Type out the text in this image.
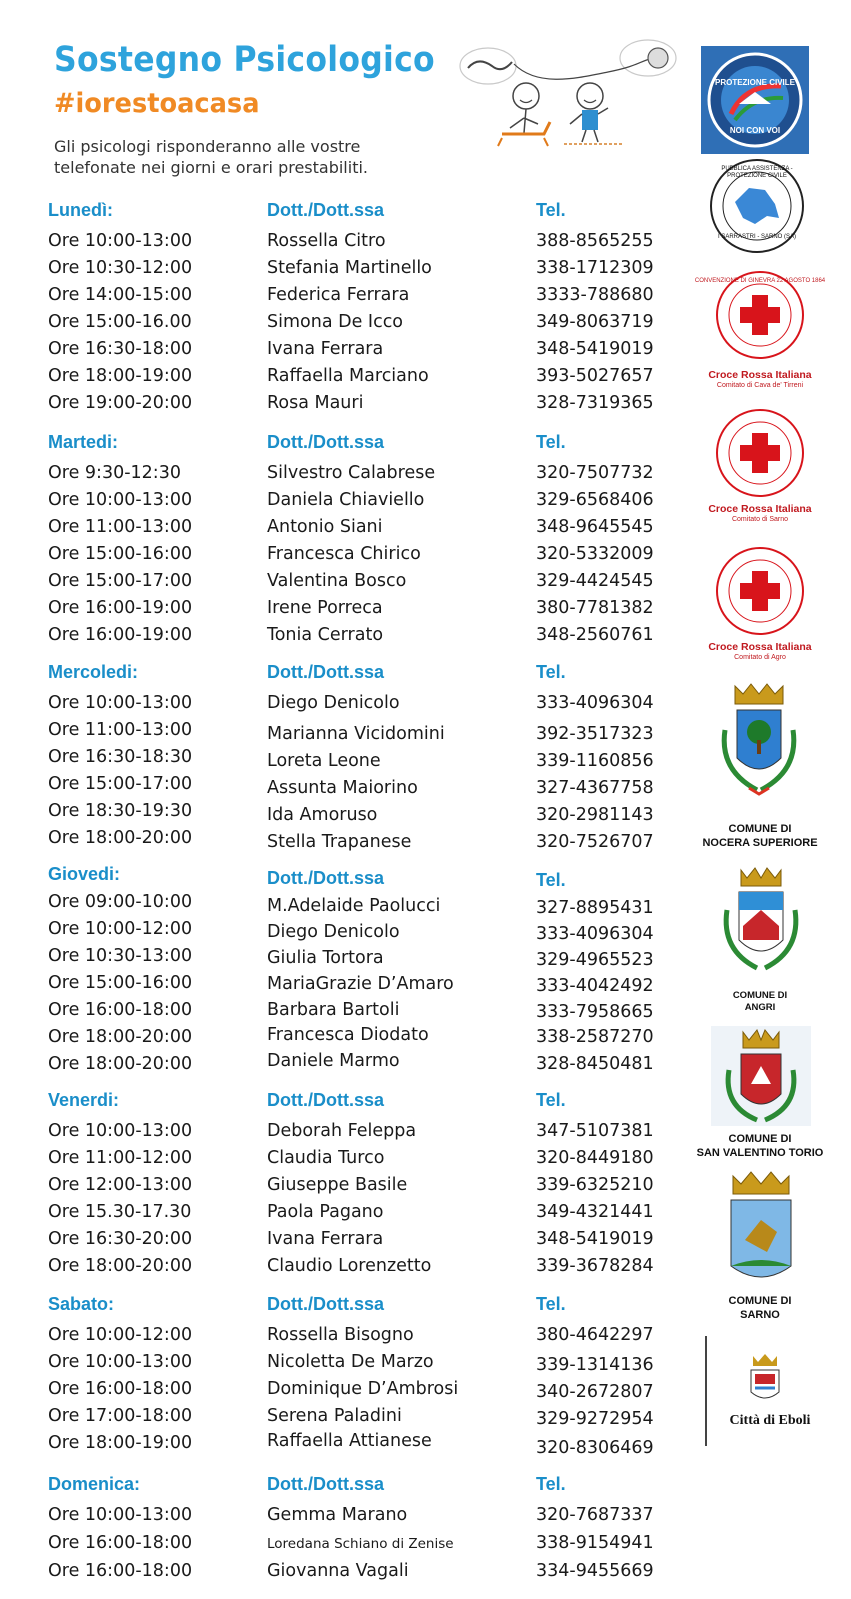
Sostegno Psicologico
#iorestoacasa
Gli psicologi risponderanno alle vostre
telefonate nei giorni e orari prestabiliti.
Lunedì:	Dott./Dott.ssa	Tel.
Ore 10:00-13:00	Rossella Citro	388-8565255
Ore 10:30-12:00	Stefania Martinello	338-1712309
Ore 14:00-15:00	Federica Ferrara	3333-788680
Ore 15:00-16.00	Simona De Icco	349-8063719
Ore 16:30-18:00	Ivana Ferrara	348-5419019
Ore 18:00-19:00	Raffaella Marciano	393-5027657
Ore 19:00-20:00	Rosa Mauri	328-7319365
Martedi:	Dott./Dott.ssa	Tel.
Ore 9:30-12:30	Silvestro Calabrese	320-7507732
Ore 10:00-13:00	Daniela Chiaviello	329-6568406
Ore 11:00-13:00	Antonio Siani	348-9645545
Ore 15:00-16:00	Francesca Chirico	320-5332009
Ore 15:00-17:00	Valentina Bosco	329-4424545
Ore 16:00-19:00	Irene Porreca	380-7781382
Ore 16:00-19:00	Tonia Cerrato	348-2560761
Mercoledi:	Dott./Dott.ssa	Tel.
Ore 10:00-13:00	Diego Denicolo	333-4096304
Ore 11:00-13:00	Marianna Vicidomini	392-3517323
Ore 16:30-18:30	Loreta Leone	339-1160856
Ore 15:00-17:00	Assunta Maiorino	327-4367758
Ore 18:30-19:30	Ida Amoruso	320-2981143
Ore 18:00-20:00	Stella Trapanese	320-7526707
Giovedi:	Dott./Dott.ssa	Tel.
Ore 09:00-10:00	M.Adelaide Paolucci	327-8895431
Ore 10:00-12:00	Diego Denicolo	333-4096304
Ore 10:30-13:00	Giulia Tortora	329-4965523
Ore 15:00-16:00	MariaGrazie D’Amaro	333-4042492
Ore 16:00-18:00	Barbara Bartoli	333-7958665
Ore 18:00-20:00	Francesca Diodato	338-2587270
Ore 18:00-20:00	Daniele Marmo	328-8450481
Venerdi:	Dott./Dott.ssa	Tel.
Ore 10:00-13:00	Deborah Feleppa	347-5107381
Ore 11:00-12:00	Claudia Turco	320-8449180
Ore 12:00-13:00	Giuseppe Basile	339-6325210
Ore 15.30-17.30	Paola Pagano	349-4321441
Ore 16:30-20:00	Ivana Ferrara	348-5419019
Ore 18:00-20:00	Claudio Lorenzetto	339-3678284
Sabato:	Dott./Dott.ssa	Tel.
Ore 10:00-12:00	Rossella Bisogno	380-4642297
Ore 10:00-13:00	Nicoletta De Marzo	339-1314136
Ore 16:00-18:00	Dominique D’Ambrosi	340-2672807
Ore 17:00-18:00	Serena Paladini	329-9272954
Ore 18:00-19:00	Raffaella Attianese	320-8306469
Domenica:	Dott./Dott.ssa	Tel.
Ore 10:00-13:00	Gemma Marano	320-7687337
Ore 16:00-18:00	Loredana Schiano di Zenise	338-9154941
Ore 16:00-18:00	Giovanna Vagali	334-9455669
PROTEZIONE CIVILE
NOI CON VOI
PUBBLICA ASSISTENZA - PROTEZIONE CIVILE
I SARRASTRI - SARNO (SA)
CONVENZIONE DI GINEVRA 22 AGOSTO 1864
Croce Rossa Italiana
Comitato di Cava de' Tirreni
Croce Rossa Italiana
Comitato di Sarno
Croce Rossa Italiana
Comitato di Agro
COMUNE DI
NOCERA SUPERIORE
COMUNE DI
ANGRI
COMUNE DI
SAN VALENTINO TORIO
COMUNE DI
SARNO
Città di Eboli
